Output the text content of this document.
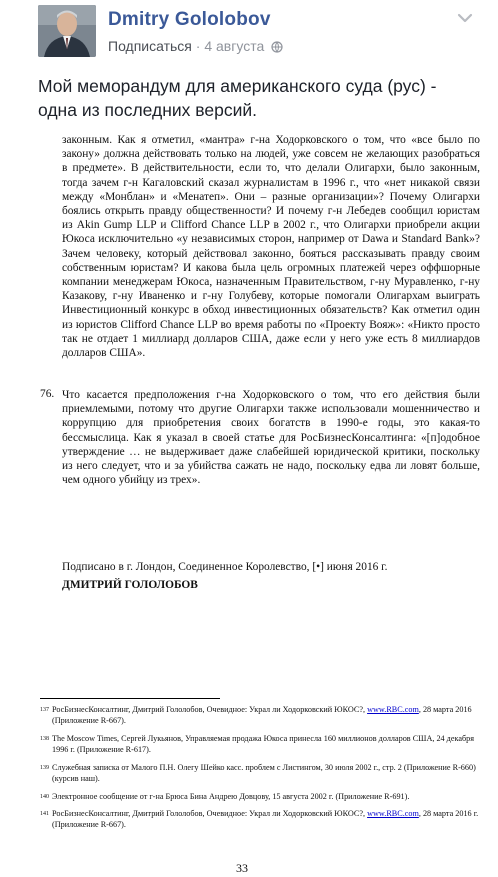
Dmitry Gololobov
Подписаться · 4 августа
Мой меморандум для американского суда (рус) - одна из последних версий.
законным. Как я отметил, «мантра» г-на Ходорковского о том, что «все было по закону» должна действовать только на людей, уже совсем не желающих разобраться в предмете». В действительности, если то, что делали Олигархи, было законным, тогда зачем г-н Кагаловский сказал журналистам в 1996 г., что «нет никакой связи между «Монблан» и «Менатеп». Они – разные организации»? Почему Олигархи боялись открыть правду общественности? И почему г-н Лебедев сообщил юристам из Akin Gump LLP и Clifford Chance LLP в 2002 г., что Олигархи приобрели акции Юкоса исключительно «у независимых сторон, например от Dawa и Standard Bank»? Зачем человеку, который действовал законно, бояться рассказывать правду своим собственным юристам? И какова была цель огромных платежей через оффшорные компании менеджерам Юкоса, назначенным Правительством, г-ну Муравленко, г-ну Казакову, г-ну Иваненко и г-ну Голубеву, которые помогали Олигархам выиграть Инвестиционный конкурс в обход инвестиционных обязательств? Как отметил один из юристов Clifford Chance LLP во время работы по «Проекту Вояж»: «Никто просто так не отдает 1 миллиард долларов США, даже если у него уже есть 8 миллиардов долларов США».
76. Что касается предположения г-на Ходорковского о том, что его действия были приемлемыми, потому что другие Олигархи также использовали мошенничество и коррупцию для приобретения своих богатств в 1990-е годы, это какая-то бессмыслица. Как я указал в своей статье для РосБизнесКонсалтинга: «[п]одобное утверждение … не выдерживает даже слабейшей юридической критики, поскольку из него следует, что и за убийства сажать не надо, поскольку едва ли ловят больше, чем одного убийцу из трех».
Подписано в г. Лондон, Соединенное Королевство, [•] июня 2016 г.
ДМИТРИЙ ГОЛОЛОБОВ
137 РосБизнесКонсалтинг, Дмитрий Гололобов, Очевидное: Украл ли Ходорковский ЮКОС?, www.RBC.com, 28 марта 2016 (Приложение R-667).
138 The Moscow Times, Сергей Лукьянов, Управляемая продажа Юкоса принесла 160 миллионов долларов США, 24 декабря 1996 г. (Приложение R-617).
139 Служебная записка от Малого П.Н. Олегу Шейко касс. проблем с Листингом, 30 июля 2002 г., стр. 2 (Приложение R-660) (курсив наш).
140 Электронное сообщение от г-на Брюса Бина Андрею Довцову, 15 августа 2002 г. (Приложение R-691).
141 РосБизнесКонсалтинг, Дмитрий Гололобов, Очевидное: Украл ли Ходорковский ЮКОС?, www.RBC.com, 28 марта 2016 г. (Приложение R-667).
33
